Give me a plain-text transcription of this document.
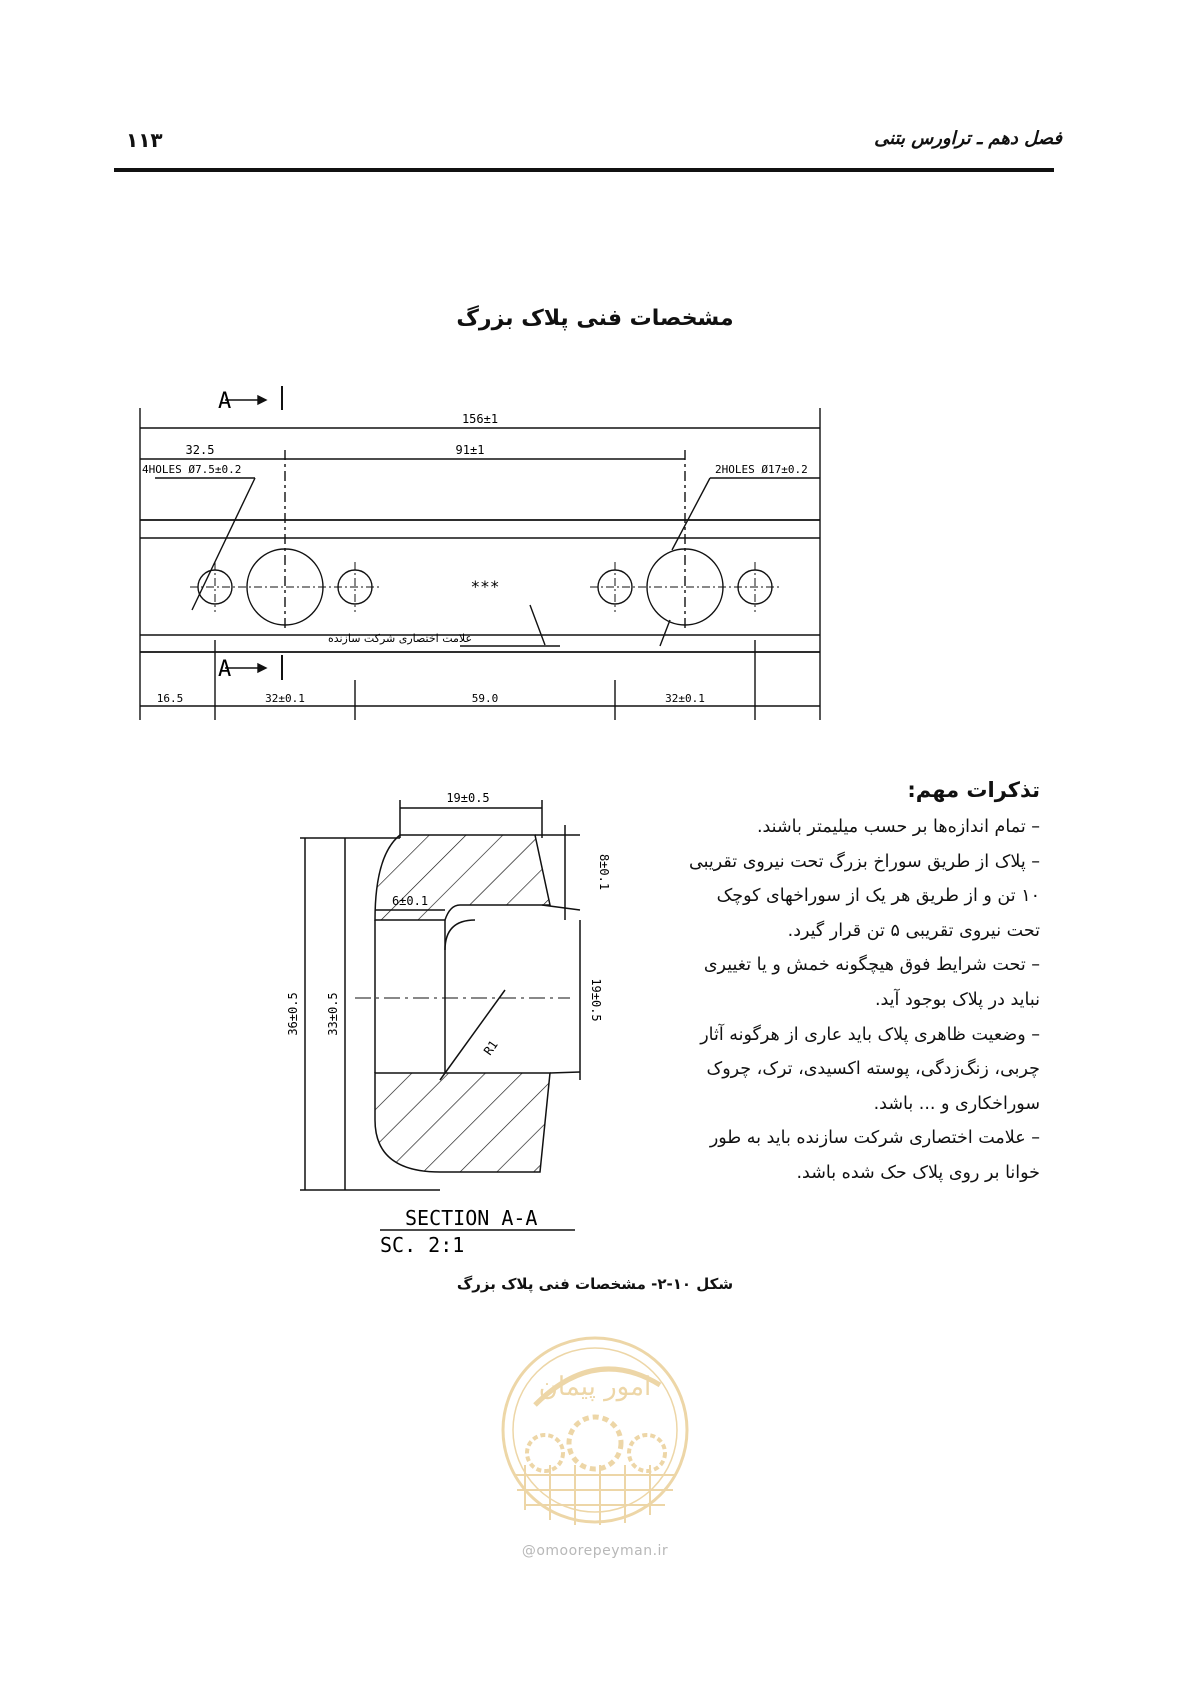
۱۱۳	فصل دهم ـ تراورس بتنی
مشخصات فنی پلاک بزرگ
A
A
156±1
32.5	91±1
4HOLES Ø7.5±0.2	2HOLES Ø17±0.2
***
علامت اختصاری شرکت سازنده
16.5	32±0.1	59.0	32±0.1
19±0.5
8±0.1
6±0.1
19±0.5
36±0.5 33±0.5
R1
SECTION A-A
SC. 2:1
تذکرات مهم:
– تمام اندازه‌ها بر حسب میلیمتر باشند.
– پلاک از طریق سوراخ بزرگ تحت نیروی تقریبی
۱۰ تن و از طریق هر یک از سوراخهای کوچک
تحت نیروی تقریبی ۵ تن قرار گیرد.
– تحت شرایط فوق هیچگونه خمش و یا تغییری
نباید در پلاک بوجود آید.
– وضعیت ظاهری پلاک باید عاری از هرگونه آثار
چربی، زنگ‌زدگی، پوسته اکسیدی، ترک، چروک
سوراخکاری و ... باشد.
– علامت اختصاری شرکت سازنده باید به طور
خوانا بر روی پلاک حک شده باشد.
شکل ۱۰-۲- مشخصات فنی پلاک بزرگ
امور پیمان
@omoorepeyman.ir
